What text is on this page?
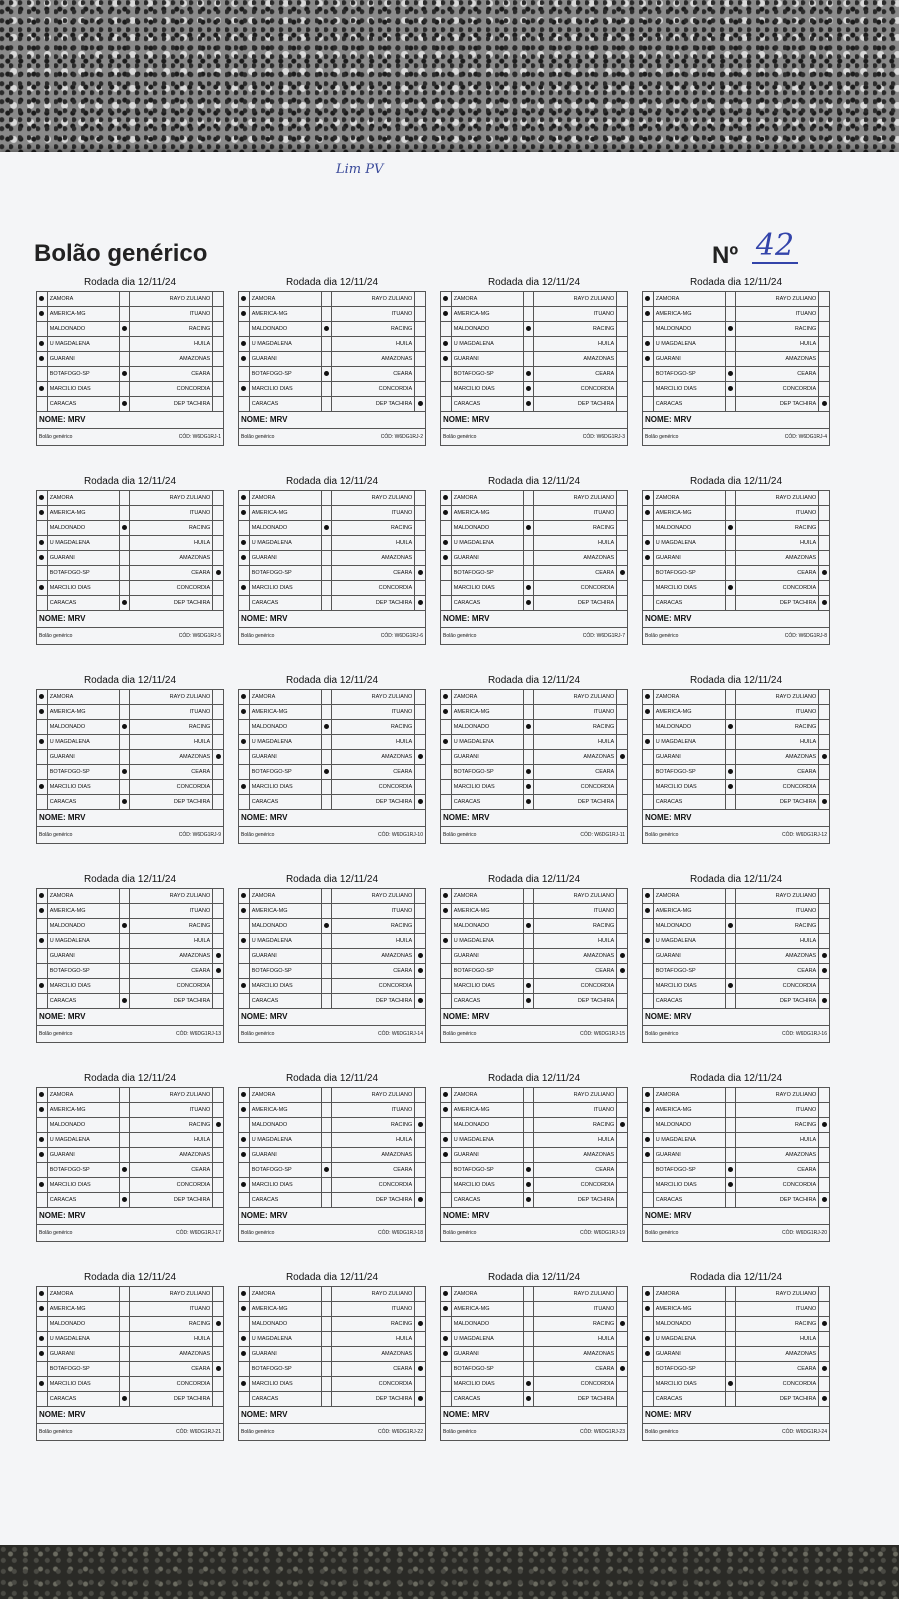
Lim PV
Bolão genérico	Nº 42
Rodada dia 12/11/24
	ZAMORA		RAYO ZULIANO	
	AMERICA-MG		ITUANO	
	MALDONADO		RACING	
	U MAGDALENA		HUILA	
	GUARANI		AMAZONAS	
	BOTAFOGO-SP		CEARA	
	MARCILIO DIAS		CONCORDIA	
	CARACAS		DEP TACHIRA	
NOME: MRV
Bolão genérico	CÓD: W6DG1RJ-1
Rodada dia 12/11/24
	ZAMORA		RAYO ZULIANO	
	AMERICA-MG		ITUANO	
	MALDONADO		RACING	
	U MAGDALENA		HUILA	
	GUARANI		AMAZONAS	
	BOTAFOGO-SP		CEARA	
	MARCILIO DIAS		CONCORDIA	
	CARACAS		DEP TACHIRA	
NOME: MRV
Bolão genérico	CÓD: W6DG1RJ-2
Rodada dia 12/11/24
	ZAMORA		RAYO ZULIANO	
	AMERICA-MG		ITUANO	
	MALDONADO		RACING	
	U MAGDALENA		HUILA	
	GUARANI		AMAZONAS	
	BOTAFOGO-SP		CEARA	
	MARCILIO DIAS		CONCORDIA	
	CARACAS		DEP TACHIRA	
NOME: MRV
Bolão genérico	CÓD: W6DG1RJ-3
Rodada dia 12/11/24
	ZAMORA		RAYO ZULIANO	
	AMERICA-MG		ITUANO	
	MALDONADO		RACING	
	U MAGDALENA		HUILA	
	GUARANI		AMAZONAS	
	BOTAFOGO-SP		CEARA	
	MARCILIO DIAS		CONCORDIA	
	CARACAS		DEP TACHIRA	
NOME: MRV
Bolão genérico	CÓD: W6DG1RJ-4
Rodada dia 12/11/24
	ZAMORA		RAYO ZULIANO	
	AMERICA-MG		ITUANO	
	MALDONADO		RACING	
	U MAGDALENA		HUILA	
	GUARANI		AMAZONAS	
	BOTAFOGO-SP		CEARA	
	MARCILIO DIAS		CONCORDIA	
	CARACAS		DEP TACHIRA	
NOME: MRV
Bolão genérico	CÓD: W6DG1RJ-5
Rodada dia 12/11/24
	ZAMORA		RAYO ZULIANO	
	AMERICA-MG		ITUANO	
	MALDONADO		RACING	
	U MAGDALENA		HUILA	
	GUARANI		AMAZONAS	
	BOTAFOGO-SP		CEARA	
	MARCILIO DIAS		CONCORDIA	
	CARACAS		DEP TACHIRA	
NOME: MRV
Bolão genérico	CÓD: W6DG1RJ-6
Rodada dia 12/11/24
	ZAMORA		RAYO ZULIANO	
	AMERICA-MG		ITUANO	
	MALDONADO		RACING	
	U MAGDALENA		HUILA	
	GUARANI		AMAZONAS	
	BOTAFOGO-SP		CEARA	
	MARCILIO DIAS		CONCORDIA	
	CARACAS		DEP TACHIRA	
NOME: MRV
Bolão genérico	CÓD: W6DG1RJ-7
Rodada dia 12/11/24
	ZAMORA		RAYO ZULIANO	
	AMERICA-MG		ITUANO	
	MALDONADO		RACING	
	U MAGDALENA		HUILA	
	GUARANI		AMAZONAS	
	BOTAFOGO-SP		CEARA	
	MARCILIO DIAS		CONCORDIA	
	CARACAS		DEP TACHIRA	
NOME: MRV
Bolão genérico	CÓD: W6DG1RJ-8
Rodada dia 12/11/24
	ZAMORA		RAYO ZULIANO	
	AMERICA-MG		ITUANO	
	MALDONADO		RACING	
	U MAGDALENA		HUILA	
	GUARANI		AMAZONAS	
	BOTAFOGO-SP		CEARA	
	MARCILIO DIAS		CONCORDIA	
	CARACAS		DEP TACHIRA	
NOME: MRV
Bolão genérico	CÓD: W6DG1RJ-9
Rodada dia 12/11/24
	ZAMORA		RAYO ZULIANO	
	AMERICA-MG		ITUANO	
	MALDONADO		RACING	
	U MAGDALENA		HUILA	
	GUARANI		AMAZONAS	
	BOTAFOGO-SP		CEARA	
	MARCILIO DIAS		CONCORDIA	
	CARACAS		DEP TACHIRA	
NOME: MRV
Bolão genérico	CÓD: W6DG1RJ-10
Rodada dia 12/11/24
	ZAMORA		RAYO ZULIANO	
	AMERICA-MG		ITUANO	
	MALDONADO		RACING	
	U MAGDALENA		HUILA	
	GUARANI		AMAZONAS	
	BOTAFOGO-SP		CEARA	
	MARCILIO DIAS		CONCORDIA	
	CARACAS		DEP TACHIRA	
NOME: MRV
Bolão genérico	CÓD: W6DG1RJ-11
Rodada dia 12/11/24
	ZAMORA		RAYO ZULIANO	
	AMERICA-MG		ITUANO	
	MALDONADO		RACING	
	U MAGDALENA		HUILA	
	GUARANI		AMAZONAS	
	BOTAFOGO-SP		CEARA	
	MARCILIO DIAS		CONCORDIA	
	CARACAS		DEP TACHIRA	
NOME: MRV
Bolão genérico	CÓD: W6DG1RJ-12
Rodada dia 12/11/24
	ZAMORA		RAYO ZULIANO	
	AMERICA-MG		ITUANO	
	MALDONADO		RACING	
	U MAGDALENA		HUILA	
	GUARANI		AMAZONAS	
	BOTAFOGO-SP		CEARA	
	MARCILIO DIAS		CONCORDIA	
	CARACAS		DEP TACHIRA	
NOME: MRV
Bolão genérico	CÓD: W6DG1RJ-13
Rodada dia 12/11/24
	ZAMORA		RAYO ZULIANO	
	AMERICA-MG		ITUANO	
	MALDONADO		RACING	
	U MAGDALENA		HUILA	
	GUARANI		AMAZONAS	
	BOTAFOGO-SP		CEARA	
	MARCILIO DIAS		CONCORDIA	
	CARACAS		DEP TACHIRA	
NOME: MRV
Bolão genérico	CÓD: W6DG1RJ-14
Rodada dia 12/11/24
	ZAMORA		RAYO ZULIANO	
	AMERICA-MG		ITUANO	
	MALDONADO		RACING	
	U MAGDALENA		HUILA	
	GUARANI		AMAZONAS	
	BOTAFOGO-SP		CEARA	
	MARCILIO DIAS		CONCORDIA	
	CARACAS		DEP TACHIRA	
NOME: MRV
Bolão genérico	CÓD: W6DG1RJ-15
Rodada dia 12/11/24
	ZAMORA		RAYO ZULIANO	
	AMERICA-MG		ITUANO	
	MALDONADO		RACING	
	U MAGDALENA		HUILA	
	GUARANI		AMAZONAS	
	BOTAFOGO-SP		CEARA	
	MARCILIO DIAS		CONCORDIA	
	CARACAS		DEP TACHIRA	
NOME: MRV
Bolão genérico	CÓD: W6DG1RJ-16
Rodada dia 12/11/24
	ZAMORA		RAYO ZULIANO	
	AMERICA-MG		ITUANO	
	MALDONADO		RACING	
	U MAGDALENA		HUILA	
	GUARANI		AMAZONAS	
	BOTAFOGO-SP		CEARA	
	MARCILIO DIAS		CONCORDIA	
	CARACAS		DEP TACHIRA	
NOME: MRV
Bolão genérico	CÓD: W6DG1RJ-17
Rodada dia 12/11/24
	ZAMORA		RAYO ZULIANO	
	AMERICA-MG		ITUANO	
	MALDONADO		RACING	
	U MAGDALENA		HUILA	
	GUARANI		AMAZONAS	
	BOTAFOGO-SP		CEARA	
	MARCILIO DIAS		CONCORDIA	
	CARACAS		DEP TACHIRA	
NOME: MRV
Bolão genérico	CÓD: W6DG1RJ-18
Rodada dia 12/11/24
	ZAMORA		RAYO ZULIANO	
	AMERICA-MG		ITUANO	
	MALDONADO		RACING	
	U MAGDALENA		HUILA	
	GUARANI		AMAZONAS	
	BOTAFOGO-SP		CEARA	
	MARCILIO DIAS		CONCORDIA	
	CARACAS		DEP TACHIRA	
NOME: MRV
Bolão genérico	CÓD: W6DG1RJ-19
Rodada dia 12/11/24
	ZAMORA		RAYO ZULIANO	
	AMERICA-MG		ITUANO	
	MALDONADO		RACING	
	U MAGDALENA		HUILA	
	GUARANI		AMAZONAS	
	BOTAFOGO-SP		CEARA	
	MARCILIO DIAS		CONCORDIA	
	CARACAS		DEP TACHIRA	
NOME: MRV
Bolão genérico	CÓD: W6DG1RJ-20
Rodada dia 12/11/24
	ZAMORA		RAYO ZULIANO	
	AMERICA-MG		ITUANO	
	MALDONADO		RACING	
	U MAGDALENA		HUILA	
	GUARANI		AMAZONAS	
	BOTAFOGO-SP		CEARA	
	MARCILIO DIAS		CONCORDIA	
	CARACAS		DEP TACHIRA	
NOME: MRV
Bolão genérico	CÓD: W6DG1RJ-21
Rodada dia 12/11/24
	ZAMORA		RAYO ZULIANO	
	AMERICA-MG		ITUANO	
	MALDONADO		RACING	
	U MAGDALENA		HUILA	
	GUARANI		AMAZONAS	
	BOTAFOGO-SP		CEARA	
	MARCILIO DIAS		CONCORDIA	
	CARACAS		DEP TACHIRA	
NOME: MRV
Bolão genérico	CÓD: W6DG1RJ-22
Rodada dia 12/11/24
	ZAMORA		RAYO ZULIANO	
	AMERICA-MG		ITUANO	
	MALDONADO		RACING	
	U MAGDALENA		HUILA	
	GUARANI		AMAZONAS	
	BOTAFOGO-SP		CEARA	
	MARCILIO DIAS		CONCORDIA	
	CARACAS		DEP TACHIRA	
NOME: MRV
Bolão genérico	CÓD: W6DG1RJ-23
Rodada dia 12/11/24
	ZAMORA		RAYO ZULIANO	
	AMERICA-MG		ITUANO	
	MALDONADO		RACING	
	U MAGDALENA		HUILA	
	GUARANI		AMAZONAS	
	BOTAFOGO-SP		CEARA	
	MARCILIO DIAS		CONCORDIA	
	CARACAS		DEP TACHIRA	
NOME: MRV
Bolão genérico	CÓD: W6DG1RJ-24
